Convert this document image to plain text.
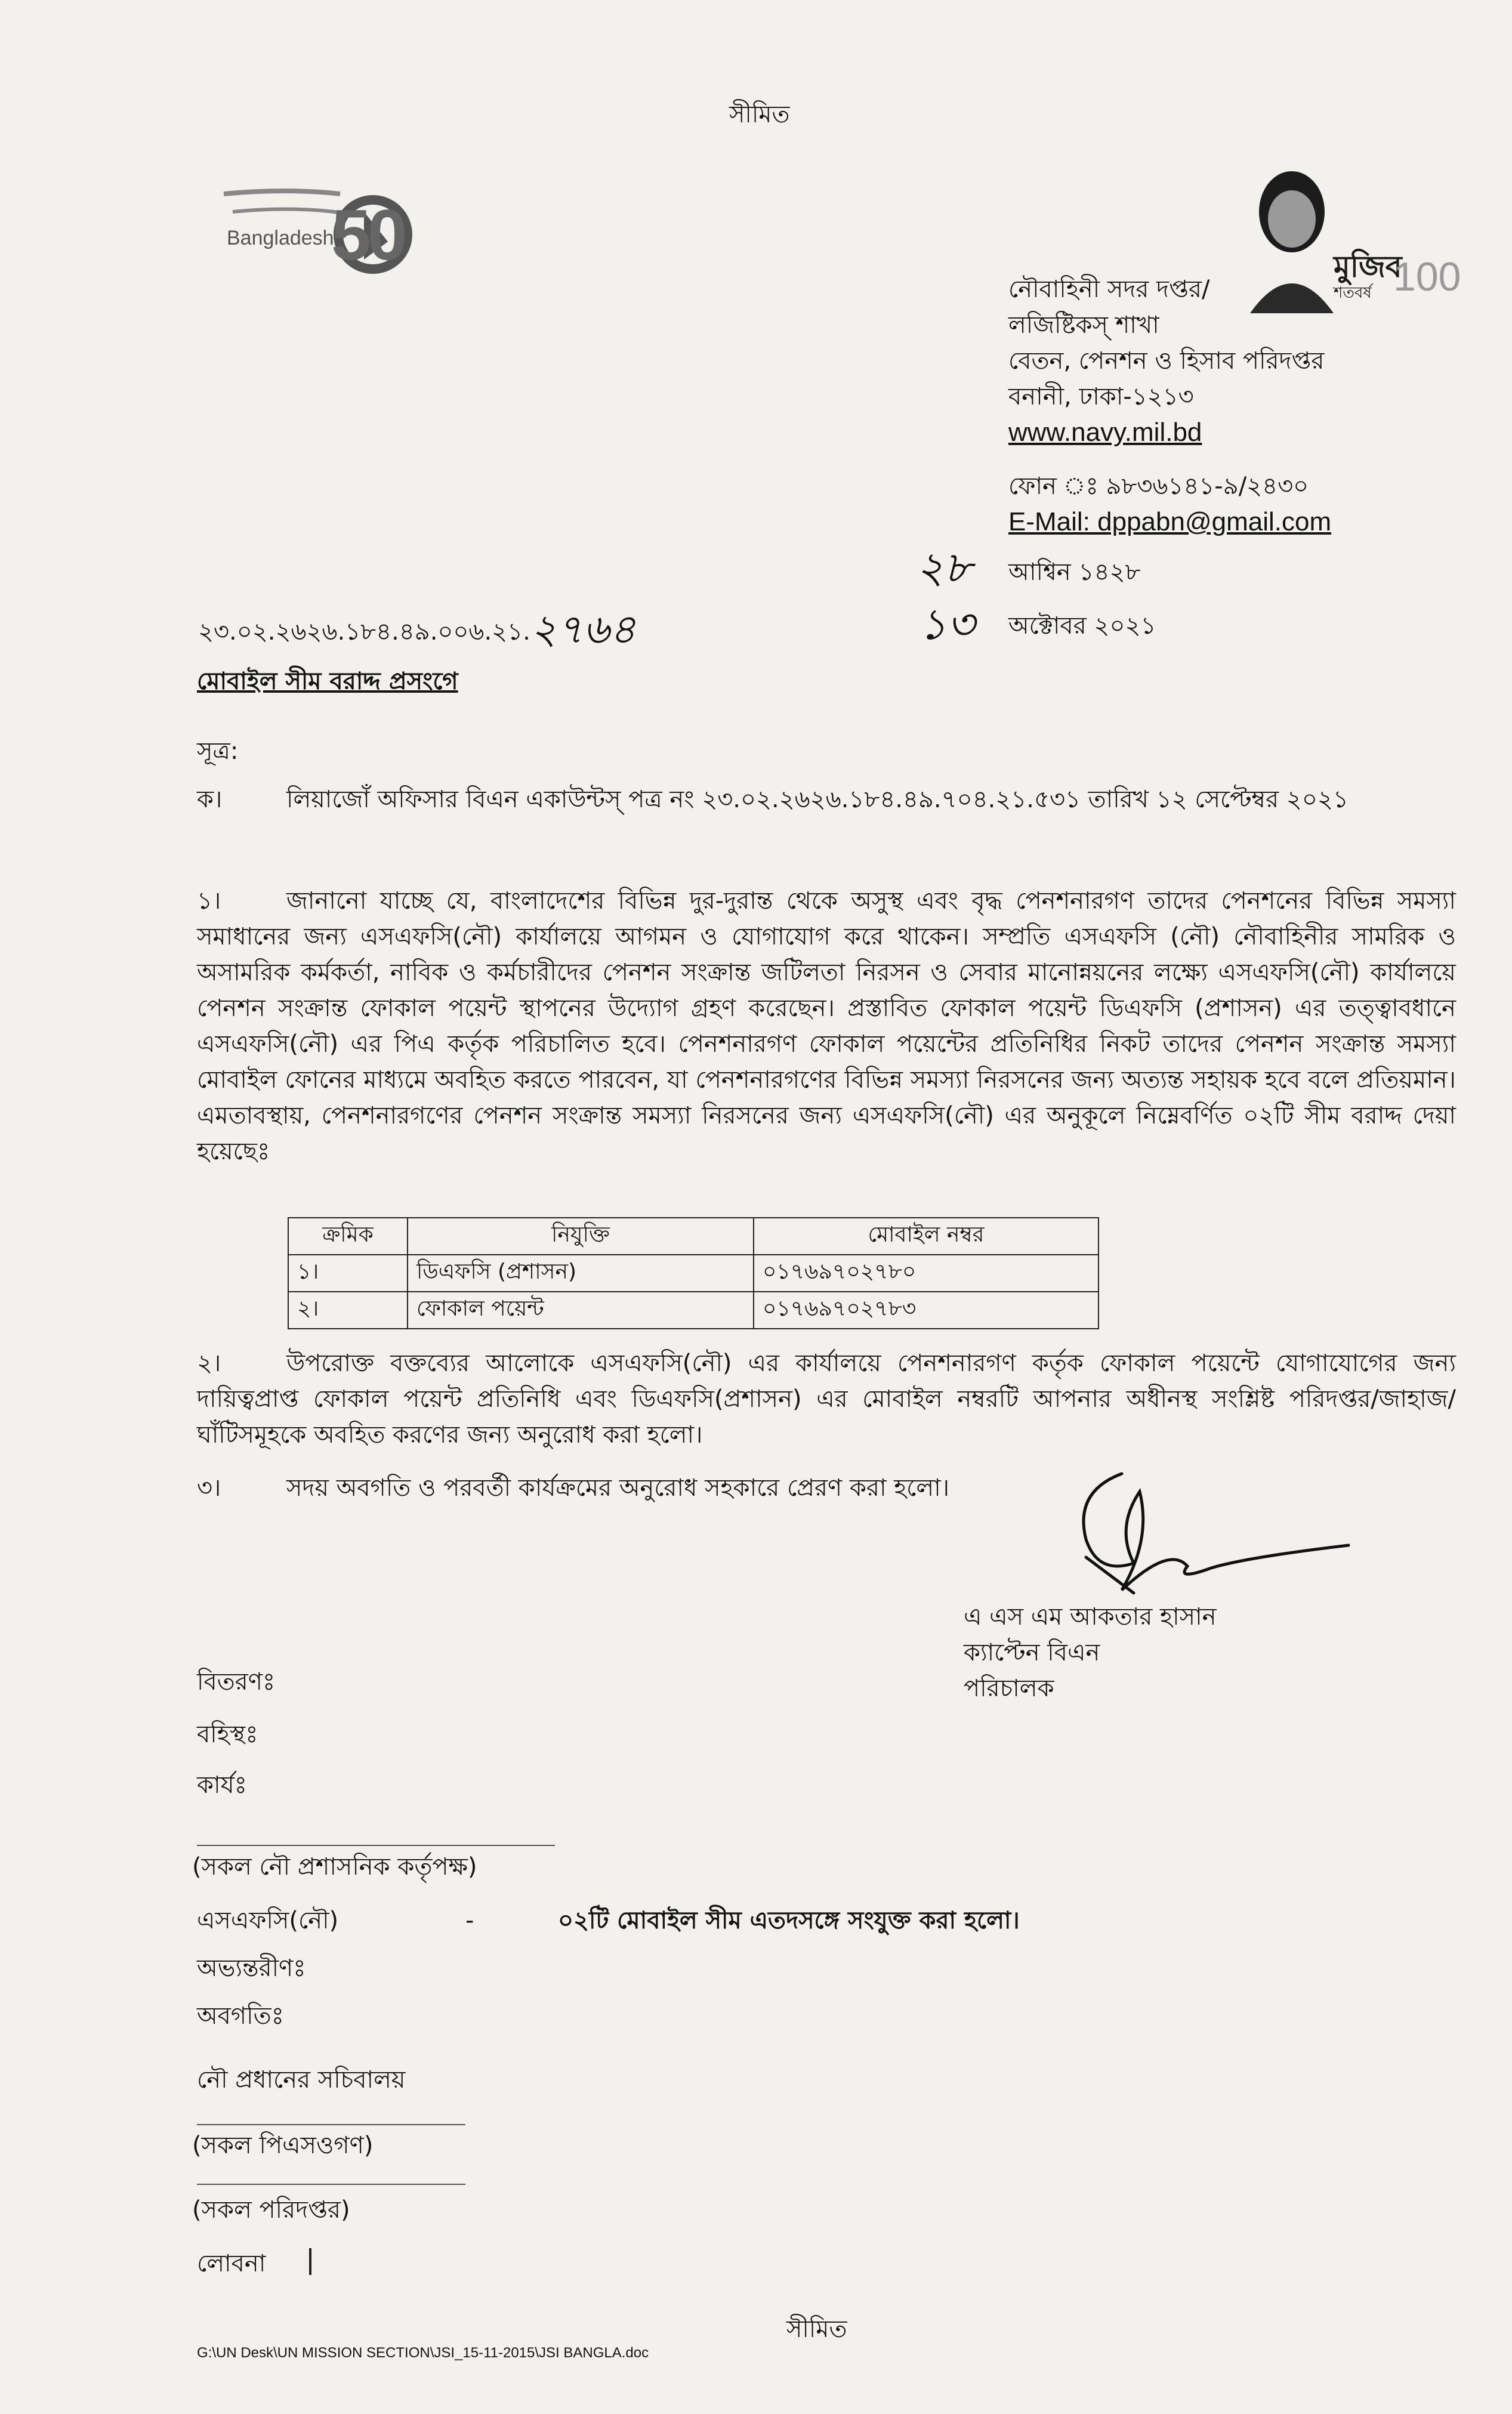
সীমিত
Bangladesh
50	মুজিব
শতবর্ষ 100
নৌবাহিনী সদর দপ্তর/
লজিষ্টিকস্ শাখা
বেতন, পেনশন ও হিসাব পরিদপ্তর
বনানী, ঢাকা-১২১৩
www.navy.mil.bd
ফোন ঃ ৯৮৩৬১৪১-৯/২৪৩০
E-Mail: dppabn@gmail.com
২৮ আশ্বিন ১৪২৮
১৩ অক্টোবর ২০২১
২৩.০২.২৬২৬.১৮৪.৪৯.০০৬.২১.২৭৬৪
মোবাইল সীম বরাদ্দ প্রসংগে
সূত্র:
ক।	লিয়াজোঁ অফিসার বিএন একাউন্টস্ পত্র নং ২৩.০২.২৬২৬.১৮৪.৪৯.৭০৪.২১.৫৩১ তারিখ ১২ সেপ্টেম্বর ২০২১
১।	জানানো যাচ্ছে যে, বাংলাদেশের বিভিন্ন দুর-দুরান্ত থেকে অসুস্থ এবং বৃদ্ধ পেনশনারগণ তাদের পেনশনের বিভিন্ন সমস্যা সমাধানের জন্য এসএফসি(নৌ) কার্যালয়ে আগমন ও যোগাযোগ করে থাকেন। সম্প্রতি এসএফসি (নৌ) নৌবাহিনীর সামরিক ও অসামরিক কর্মকর্তা, নাবিক ও কর্মচারীদের পেনশন সংক্রান্ত জটিলতা নিরসন ও সেবার মানোন্নয়নের লক্ষ্যে এসএফসি(নৌ) কার্যালয়ে পেনশন সংক্রান্ত ফোকাল পয়েন্ট স্থাপনের উদ্যোগ গ্রহণ করেছেন। প্রস্তাবিত ফোকাল পয়েন্ট ডিএফসি (প্রশাসন) এর তত্ত্বাবধানে এসএফসি(নৌ) এর পিএ কর্তৃক পরিচালিত হবে। পেনশনারগণ ফোকাল পয়েন্টের প্রতিনিধির নিকট তাদের পেনশন সংক্রান্ত সমস্যা মোবাইল ফোনের মাধ্যমে অবহিত করতে পারবেন, যা পেনশনারগণের বিভিন্ন সমস্যা নিরসনের জন্য অত্যন্ত সহায়ক হবে বলে প্রতিয়মান। এমতাবস্থায়, পেনশনারগণের পেনশন সংক্রান্ত সমস্যা নিরসনের জন্য এসএফসি(নৌ) এর অনুকূলে নিম্নেবর্ণিত ০২টি সীম বরাদ্দ দেয়া হয়েছেঃ
ক্রমিক	নিযুক্তি	মোবাইল নম্বর
১।	ডিএফসি (প্রশাসন)	০১৭৬৯৭০২৭৮০
২।	ফোকাল পয়েন্ট	০১৭৬৯৭০২৭৮৩
২।	উপরোক্ত বক্তব্যের আলোকে এসএফসি(নৌ) এর কার্যালয়ে পেনশনারগণ কর্তৃক ফোকাল পয়েন্টে যোগাযোগের জন্য দায়িত্বপ্রাপ্ত ফোকাল পয়েন্ট প্রতিনিধি এবং ডিএফসি(প্রশাসন) এর মোবাইল নম্বরটি আপনার অধীনস্থ সংশ্লিষ্ট পরিদপ্তর/জাহাজ/ঘাঁটিসমূহকে অবহিত করণের জন্য অনুরোধ করা হলো।
৩।	সদয় অবগতি ও পরবর্তী কার্যক্রমের অনুরোধ সহকারে প্রেরণ করা হলো।
এ এস এম আকতার হাসান
ক্যাপ্টেন বিএন
পরিচালক
বিতরণঃ
বহিস্থঃ
কার্যঃ
(সকল নৌ প্রশাসনিক কর্তৃপক্ষ)
এসএফসি(নৌ)	-	০২টি মোবাইল সীম এতদসঙ্গে সংযুক্ত করা হলো।
অভ্যন্তরীণঃ
অবগতিঃ
নৌ প্রধানের সচিবালয়
(সকল পিএসওগণ)
(সকল পরিদপ্তর)
লোবনা
সীমিত
G:\UN Desk\UN MISSION SECTION\JSI_15-11-2015\JSI BANGLA.doc
